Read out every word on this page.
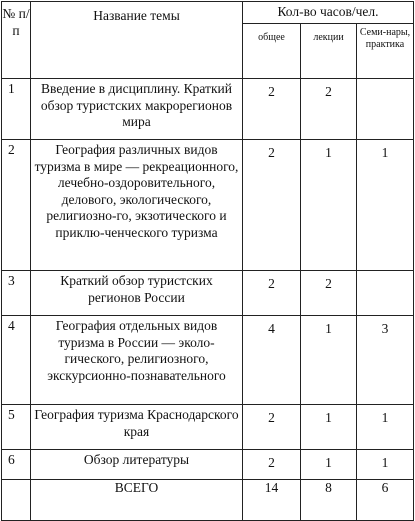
№ п/п	Название темы	Кол-во часов/чел.		
		общее	лекции	Семи-нары, практика
1	Введение в дисциплину. Краткий обзор туристских макрорегионов мира	2	2	
2	География различных видов туризма в мире — рекреационного, лечебно-оздоровительного, делового, экологического, религиозно-го, экзотического и приклю-ченческого туризма	2	1	1
3	Краткий обзор туристских регионов России	2	2	
4	География отдельных видов туризма в России — эколо-гического, религиозного, экскурсионно-познавательного	4	1	3
5	География туризма Краснодарского края	2	1	1
6	Обзор литературы	2	1	1
	ВСЕГО	14	8	6
